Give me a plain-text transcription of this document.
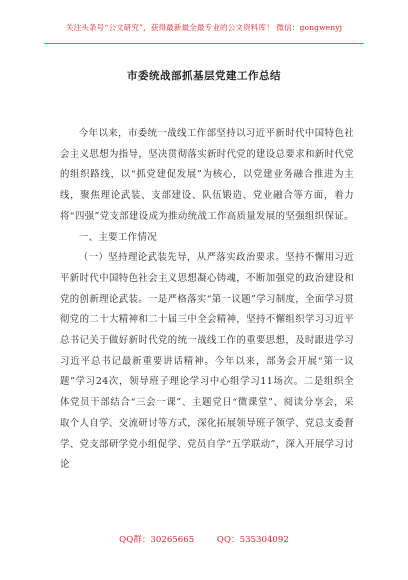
关注头条号“公文研究”，获得最新最全最专业的公文资料库！ 微信：gongwenyj
市委统战部抓基层党建工作总结

今年以来，市委统一战线工作部坚持以习近平新时代中国特色社会主义思想为指导，坚决贯彻落实新时代党的建设总要求和新时代党的组织路线，以“抓党建促发展”为核心，以党建业务融合推进为主线，聚焦理论武装、支部建设、队伍锻造、党业融合等方面，着力将“四强”党支部建设成为推动统战工作高质量发展的坚强组织保证。

一、主要工作情况

（一）坚持理论武装先导，从严落实政治要求。坚持不懈用习近平新时代中国特色社会主义思想凝心铸魂，不断加强党的政治建设和党的创新理论武装。一是严格落实“第一议题”学习制度，全面学习贯彻党的二十大精神和二十届三中全会精神，坚持不懈组织学习习近平总书记关于做好新时代党的统一战线工作的重要思想，及时跟进学习习近平总书记最新重要讲话精神。今年以来，部务会开展“第一议题”学习24次，领导班子理论学习中心组学习11场次。二是组织全体党员干部结合“三会一课”、主题党日“微课堂”、阅读分享会，采取个人自学、交流研讨等方式，深化拓展领导班子领学、党总支委督学、党支部研学党小组促学、党员自学“五学联动”，深入开展学习讨论

QQ群：30265665	QQ：535304092
